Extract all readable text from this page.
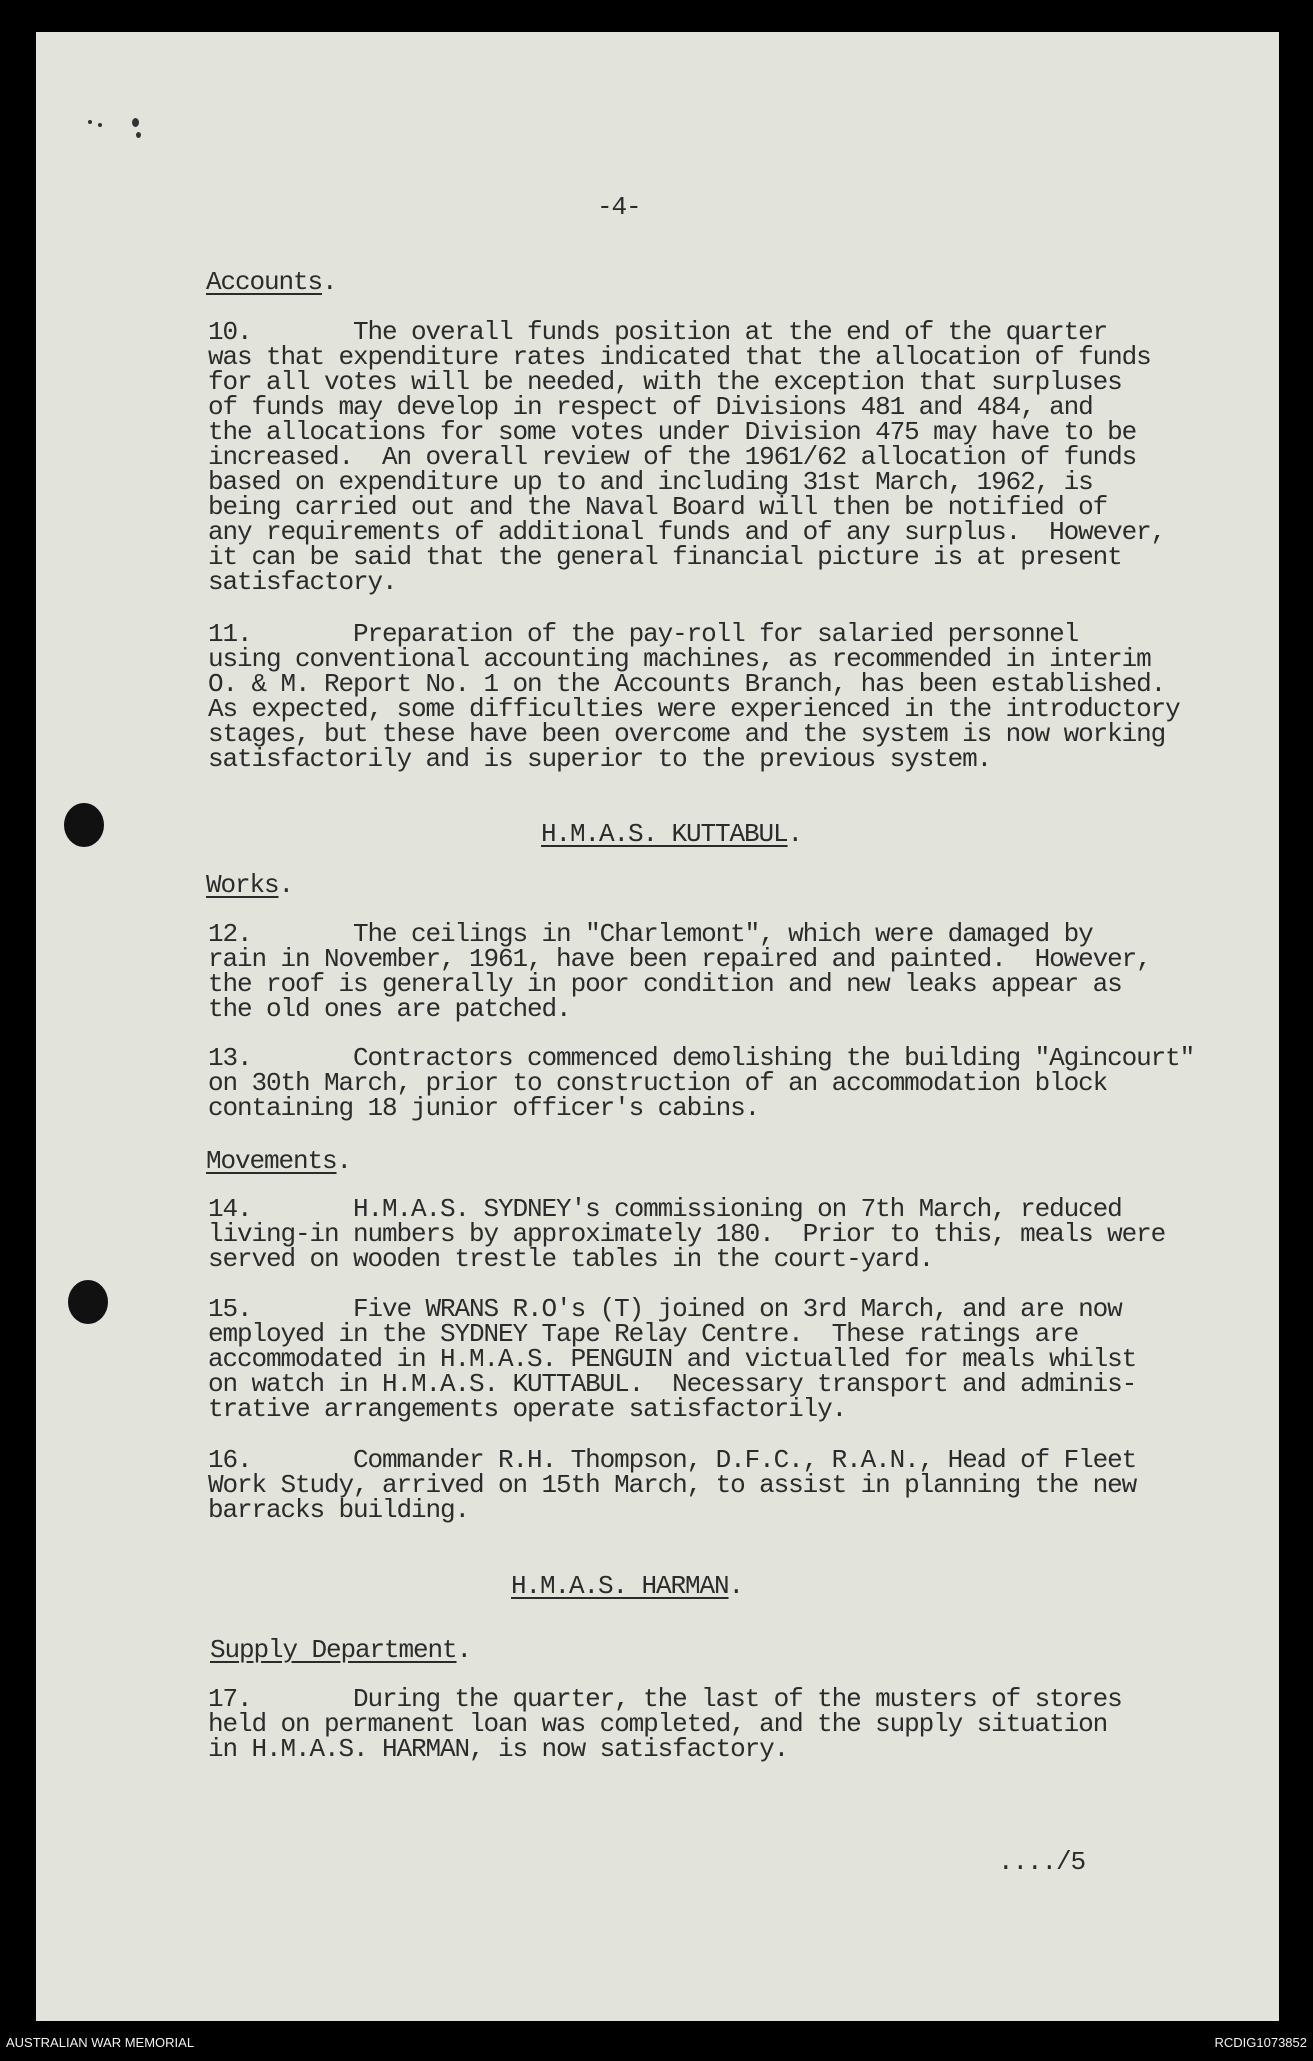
-4-
Accounts.
10.       The overall funds position at the end of the quarter
was that expenditure rates indicated that the allocation of funds
for all votes will be needed, with the exception that surpluses
of funds may develop in respect of Divisions 481 and 484, and
the allocations for some votes under Division 475 may have to be
increased.  An overall review of the 1961/62 allocation of funds
based on expenditure up to and including 31st March, 1962, is
being carried out and the Naval Board will then be notified of
any requirements of additional funds and of any surplus.  However,
it can be said that the general financial picture is at present
satisfactory.
11.       Preparation of the pay-roll for salaried personnel
using conventional accounting machines, as recommended in interim
O. & M. Report No. 1 on the Accounts Branch, has been established.
As expected, some difficulties were experienced in the introductory
stages, but these have been overcome and the system is now working
satisfactorily and is superior to the previous system.
H.M.A.S. KUTTABUL.
Works.
12.       The ceilings in "Charlemont", which were damaged by
rain in November, 1961, have been repaired and painted.  However,
the roof is generally in poor condition and new leaks appear as
the old ones are patched.
13.       Contractors commenced demolishing the building "Agincourt"
on 30th March, prior to construction of an accommodation block
containing 18 junior officer's cabins.
Movements.
14.       H.M.A.S. SYDNEY's commissioning on 7th March, reduced
living-in numbers by approximately 180.  Prior to this, meals were
served on wooden trestle tables in the court-yard.
15.       Five WRANS R.O's (T) joined on 3rd March, and are now
employed in the SYDNEY Tape Relay Centre.  These ratings are
accommodated in H.M.A.S. PENGUIN and victualled for meals whilst
on watch in H.M.A.S. KUTTABUL.  Necessary transport and adminis-
trative arrangements operate satisfactorily.
16.       Commander R.H. Thompson, D.F.C., R.A.N., Head of Fleet
Work Study, arrived on 15th March, to assist in planning the new
barracks building.
H.M.A.S. HARMAN.
Supply Department.
17.       During the quarter, the last of the musters of stores
held on permanent loan was completed, and the supply situation
in H.M.A.S. HARMAN, is now satisfactory.
..../5
AUSTRALIAN WAR MEMORIAL	RCDIG1073852
